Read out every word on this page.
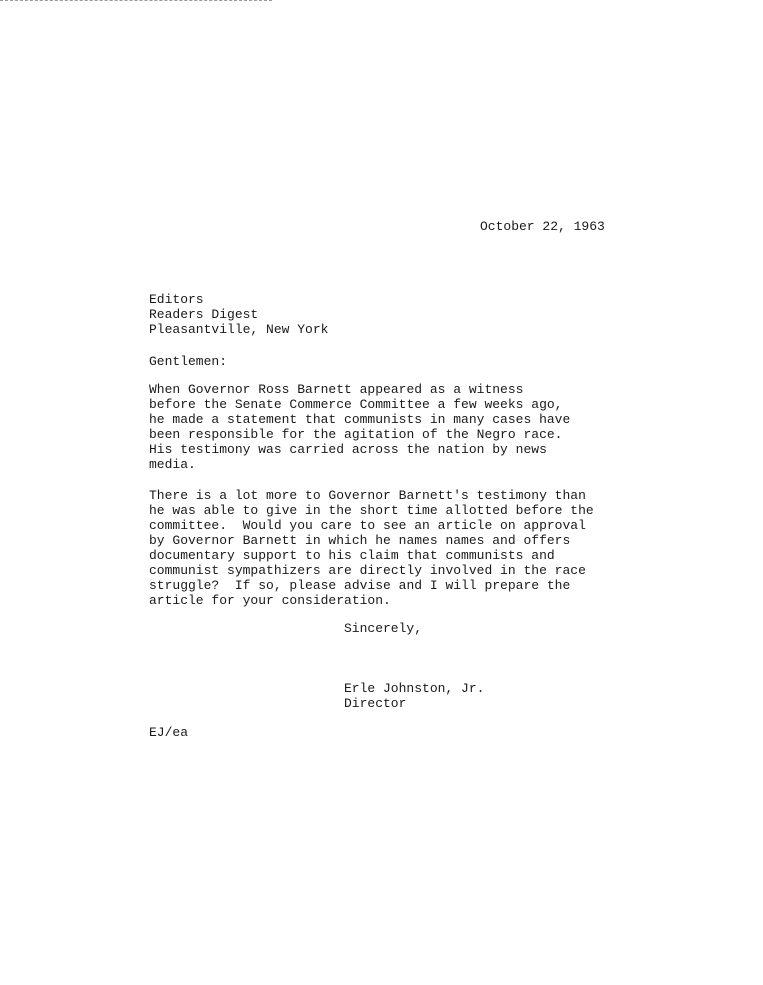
October 22, 1963
Editors
Readers Digest
Pleasantville, New York
Gentlemen:
When Governor Ross Barnett appeared as a witness
before the Senate Commerce Committee a few weeks ago,
he made a statement that communists in many cases have
been responsible for the agitation of the Negro race.
His testimony was carried across the nation by news
media.
There is a lot more to Governor Barnett's testimony than
he was able to give in the short time allotted before the
committee.  Would you care to see an article on approval
by Governor Barnett in which he names names and offers
documentary support to his claim that communists and
communist sympathizers are directly involved in the race
struggle?  If so, please advise and I will prepare the
article for your consideration.
Sincerely,
Erle Johnston, Jr.
Director
EJ/ea
